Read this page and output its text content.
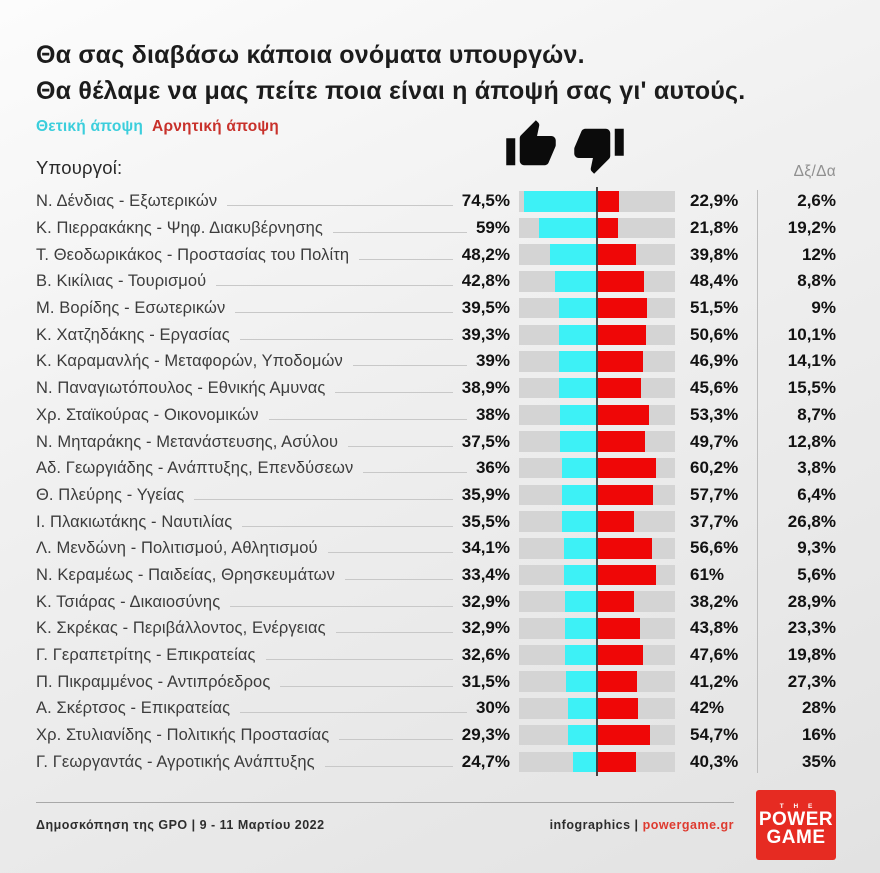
Θα σας διαβάσω κάποια ονόματα υπουργών.
Θα θέλαμε να μας πείτε ποια είναι η άποψή σας γι' αυτούς.
Θετική άποψη Αρνητική άποψη
Υπουργοί:	Δξ/Δα
Ν. Δένδιας - Εξωτερικών	74,5%	22,9%	2,6%
Κ. Πιερρακάκης - Ψηφ. Διακυβέρνησης	59%	21,8%	19,2%
Τ. Θεοδωρικάκος - Προστασίας του Πολίτη	48,2%	39,8%	12%
Β. Κικίλιας - Τουρισμού	42,8%	48,4%	8,8%
Μ. Βορίδης - Εσωτερικών	39,5%	51,5%	9%
Κ. Χατζηδάκης - Εργασίας	39,3%	50,6%	10,1%
Κ. Καραμανλής - Μεταφορών, Υποδομών	39%	46,9%	14,1%
Ν. Παναγιωτόπουλος - Εθνικής Αμυνας	38,9%	45,6%	15,5%
Χρ. Σταϊκούρας - Οικονομικών	38%	53,3%	8,7%
Ν. Μηταράκης - Μετανάστευσης, Ασύλου	37,5%	49,7%	12,8%
Αδ. Γεωργιάδης - Ανάπτυξης, Επενδύσεων	36%	60,2%	3,8%
Θ. Πλεύρης - Υγείας	35,9%	57,7%	6,4%
Ι. Πλακιωτάκης - Ναυτιλίας	35,5%	37,7%	26,8%
Λ. Μενδώνη - Πολιτισμού, Αθλητισμού	34,1%	56,6%	9,3%
Ν. Κεραμέως - Παιδείας, Θρησκευμάτων	33,4%	61%	5,6%
Κ. Τσιάρας - Δικαιοσύνης	32,9%	38,2%	28,9%
Κ. Σκρέκας - Περιβάλλοντος, Ενέργειας	32,9%	43,8%	23,3%
Γ. Γεραπετρίτης - Επικρατείας	32,6%	47,6%	19,8%
Π. Πικραμμένος - Αντιπρόεδρος	31,5%	41,2%	27,3%
Α. Σκέρτσος - Επικρατείας	30%	42%	28%
Χρ. Στυλιανίδης - Πολιτικής Προστασίας	29,3%	54,7%	16%
Γ. Γεωργαντάς - Αγροτικής Ανάπτυξης	24,7%	40,3%	35%
Δημοσκόπηση της GPO | 9 - 11 Μαρτίου 2022	infographics | powergame.gr
T H E
POWER
GAME
